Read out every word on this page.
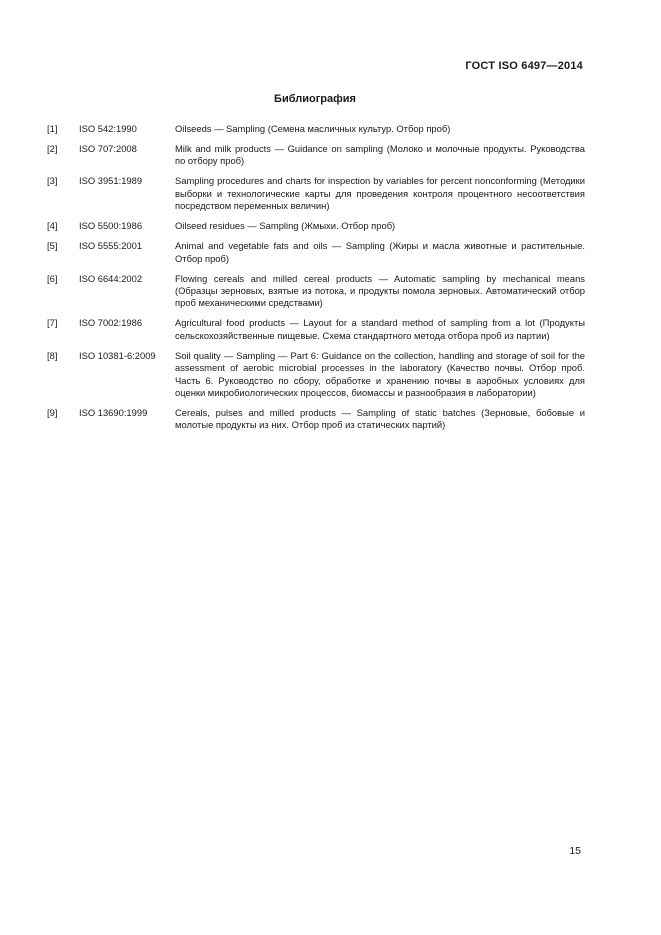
ГОСТ ISO 6497—2014
Библиография
[1]	ISO 542:1990	Oilseeds — Sampling (Семена масличных культур. Отбор проб)
[2]	ISO 707:2008	Milk and milk products — Guidance on sampling (Молоко и молочные продукты. Руководства по отбору проб)
[3]	ISO 3951:1989	Sampling procedures and charts for inspection by variables for percent nonconforming (Методики выборки и технологические карты для проведения контроля процентного несоответствия посредством переменных величин)
[4]	ISO 5500:1986	Oilseed residues — Sampling (Жмыхи. Отбор проб)
[5]	ISO 5555:2001	Animal and vegetable fats and oils — Sampling (Жиры и масла животные и растительные. Отбор проб)
[6]	ISO 6644:2002	Flowing cereals and milled cereal products — Automatic sampling by mechanical means (Образцы зерновых, взятые из потока, и продукты помола зерновых. Автоматический отбор проб механическими средствами)
[7]	ISO 7002:1986	Agricultural food products — Layout for a standard method of sampling from a lot (Продукты сельскохозяйственные пищевые. Схема стандартного метода отбора проб из партии)
[8]	ISO 10381-6:2009	Soil quality — Sampling — Part 6: Guidance on the collection, handling and storage of soil for the assessment of aerobic microbial processes in the laboratory (Качество почвы. Отбор проб. Часть 6. Руководство по сбору, обработке и хранению почвы в аэробных условиях для оценки микробиологических процессов, биомассы и разнообразия в лаборатории)
[9]	ISO 13690:1999	Cereals, pulses and milled products — Sampling of static batches (Зерновые, бобовые и молотые продукты из них. Отбор проб из статических партий)
15
